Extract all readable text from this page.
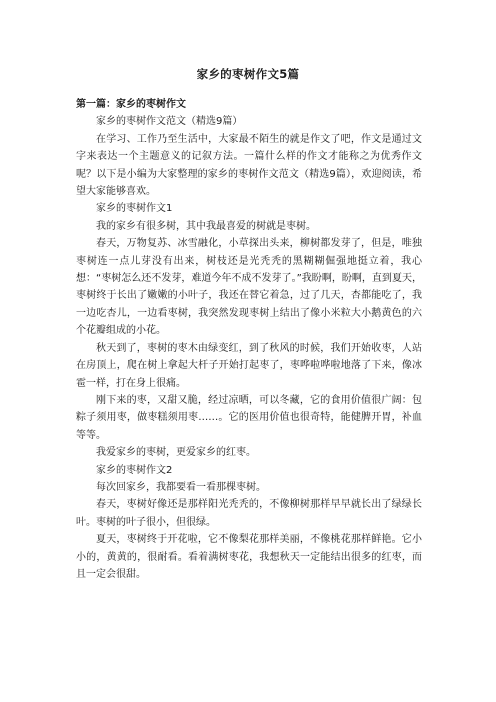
家乡的枣树作文5篇

第一篇：家乡的枣树作文

家乡的枣树作文范文（精选9篇）

在学习、工作乃至生活中，大家最不陌生的就是作文了吧，作文是通过文字来表达一个主题意义的记叙方法。一篇什么样的作文才能称之为优秀作文呢？以下是小编为大家整理的家乡的枣树作文范文（精选9篇），欢迎阅读，希望大家能够喜欢。

家乡的枣树作文1

我的家乡有很多树，其中我最喜爱的树就是枣树。

春天，万物复苏、冰雪融化，小草探出头来，柳树都发芽了，但是，唯独枣树连一点儿芽没有出来，树枝还是光秃秃的黑糊糊倔强地挺立着，我心想：“枣树怎么还不发芽，难道今年不成不发芽了。”我盼啊，盼啊，直到夏天，枣树终于长出了嫩嫩的小叶子，我还在替它着急，过了几天，杏都能吃了，我一边吃杏儿，一边看枣树，我突然发现枣树上结出了像小米粒大小鹅黄色的六个花瓣组成的小花。

秋天到了，枣树的枣木由绿变红，到了秋风的时候，我们开始收枣，人站在房顶上，爬在树上拿起大杆子开始打起枣了，枣哗啦哗啦地落了下来，像冰雹一样，打在身上很痛。

刚下来的枣，又甜又脆，经过凉晒，可以冬藏，它的食用价值很广阔：包粽子须用枣，做枣糕须用枣……。它的医用价值也很奇特，能健脾开胃，补血等等。

我爱家乡的枣树，更爱家乡的红枣。

家乡的枣树作文2

每次回家乡，我都要看一看那棵枣树。

春天，枣树好像还是那样阳光秃秃的，不像柳树那样早早就长出了绿绿长叶。枣树的叶子很小，但很绿。

夏天，枣树终于开花啦，它不像梨花那样美丽，不像桃花那样鲜艳。它小小的，黄黄的，很耐看。看着满树枣花，我想秋天一定能结出很多的红枣，而且一定会很甜。
